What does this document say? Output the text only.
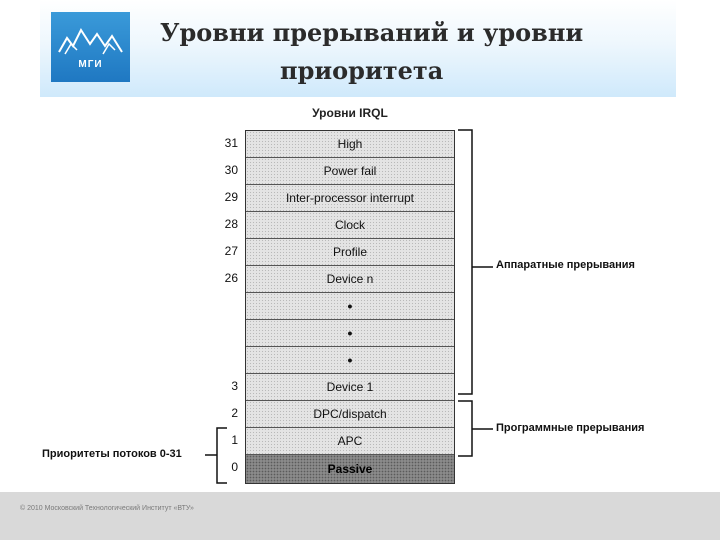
МГИ
Уровни прерываний и уровни
приоритета
Уровни IRQL
High
Power fail
Inter-processor interrupt
Clock
Profile
Device n
•
•
•
Device 1
DPC/dispatch
APC
Passive
31
30
29
28
27
26
3
2
1
0
Аппаратные прерывания
Программные прерывания
Приоритеты потоков 0-31
© 2010 Московский Технологический Институт «ВТУ»
